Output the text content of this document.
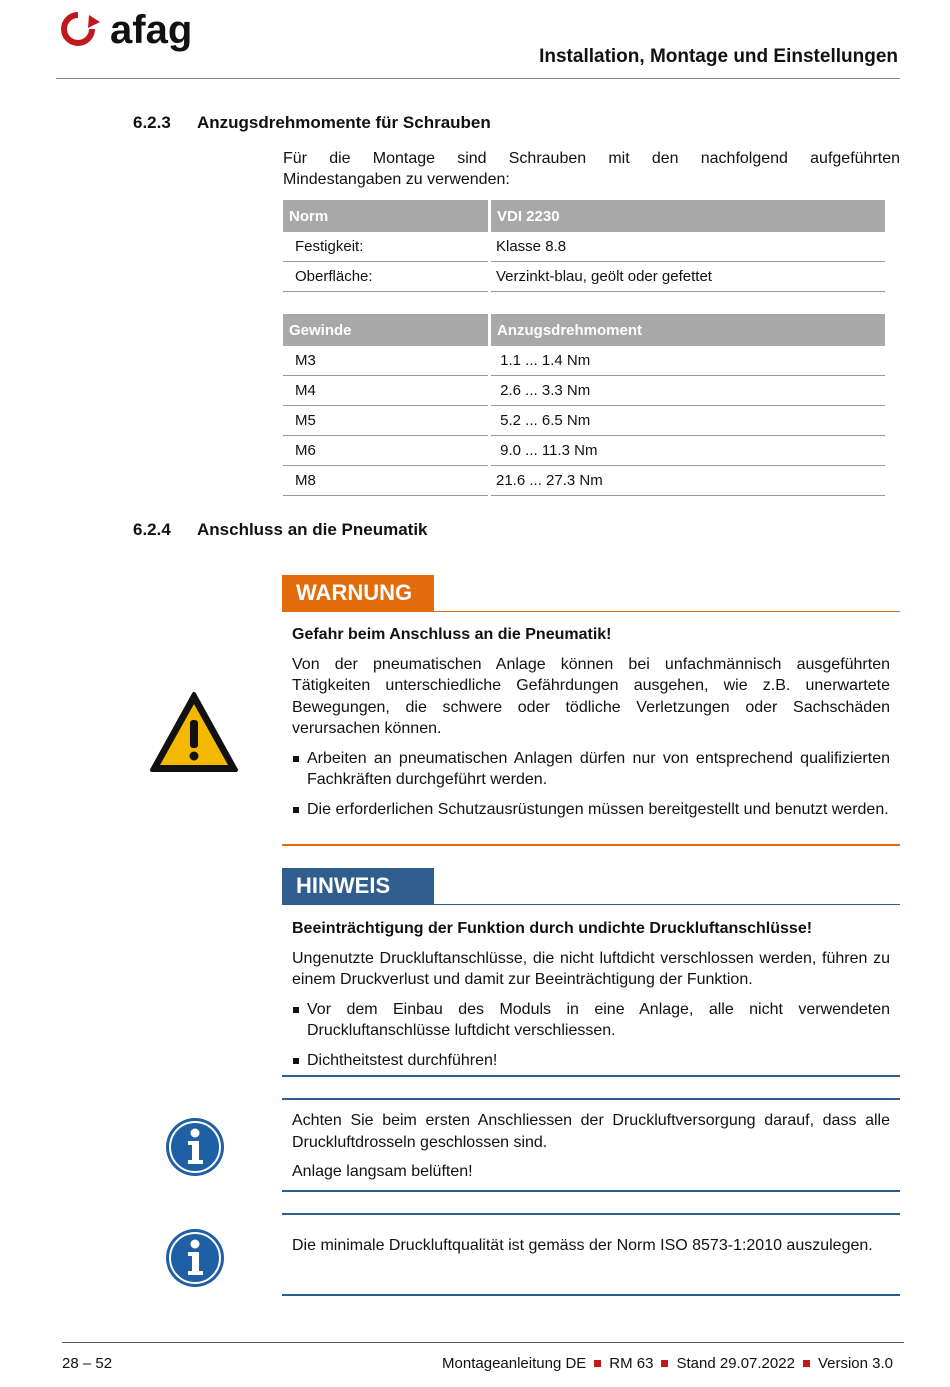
afag
Installation, Montage und Einstellungen
6.2.3 Anzugsdrehmomente für Schrauben
Für die Montage sind Schrauben mit den nachfolgend aufgeführten
Mindestangaben zu verwenden:
Norm	VDI 2230
Festigkeit:	Klasse 8.8
Oberfläche:	Verzinkt-blau, geölt oder gefettet
Gewinde	Anzugsdrehmoment
M3	1.1 ... 1.4 Nm
M4	2.6 ... 3.3 Nm
M5	5.2 ... 6.5 Nm
M6	9.0 ... 11.3 Nm
M8	21.6 ... 27.3 Nm
6.2.4 Anschluss an die Pneumatik
WARNUNG

Gefahr beim Anschluss an die Pneumatik!

Von der pneumatischen Anlage können bei unfachmännisch ausgeführten Tätigkeiten unterschiedliche Gefährdungen ausgehen, wie z.B. unerwartete Bewegungen, die schwere oder tödliche Verletzungen oder Sachschäden verursachen können.

Arbeiten an pneumatischen Anlagen dürfen nur von entsprechend qualifizierten Fachkräften durchgeführt werden.
Die erforderlichen Schutzausrüstungen müssen bereitgestellt und benutzt werden.
HINWEIS

Beeinträchtigung der Funktion durch undichte Druckluftanschlüsse!

Ungenutzte Druckluftanschlüsse, die nicht luftdicht verschlossen werden, führen zu einem Druckverlust und damit zur Beeinträchtigung der Funktion.

Vor dem Einbau des Moduls in eine Anlage, alle nicht verwendeten Druckluftanschlüsse luftdicht verschliessen.
Dichtheitstest durchführen!

Achten Sie beim ersten Anschliessen der Druckluftversorgung darauf, dass alle Druckluftdrosseln geschlossen sind.

Anlage langsam belüften!

Die minimale Druckluftqualität ist gemäss der Norm ISO 8573-1:2010 auszulegen.

28 – 52	Montageanleitung DE RM 63 Stand 29.07.2022 Version 3.0
